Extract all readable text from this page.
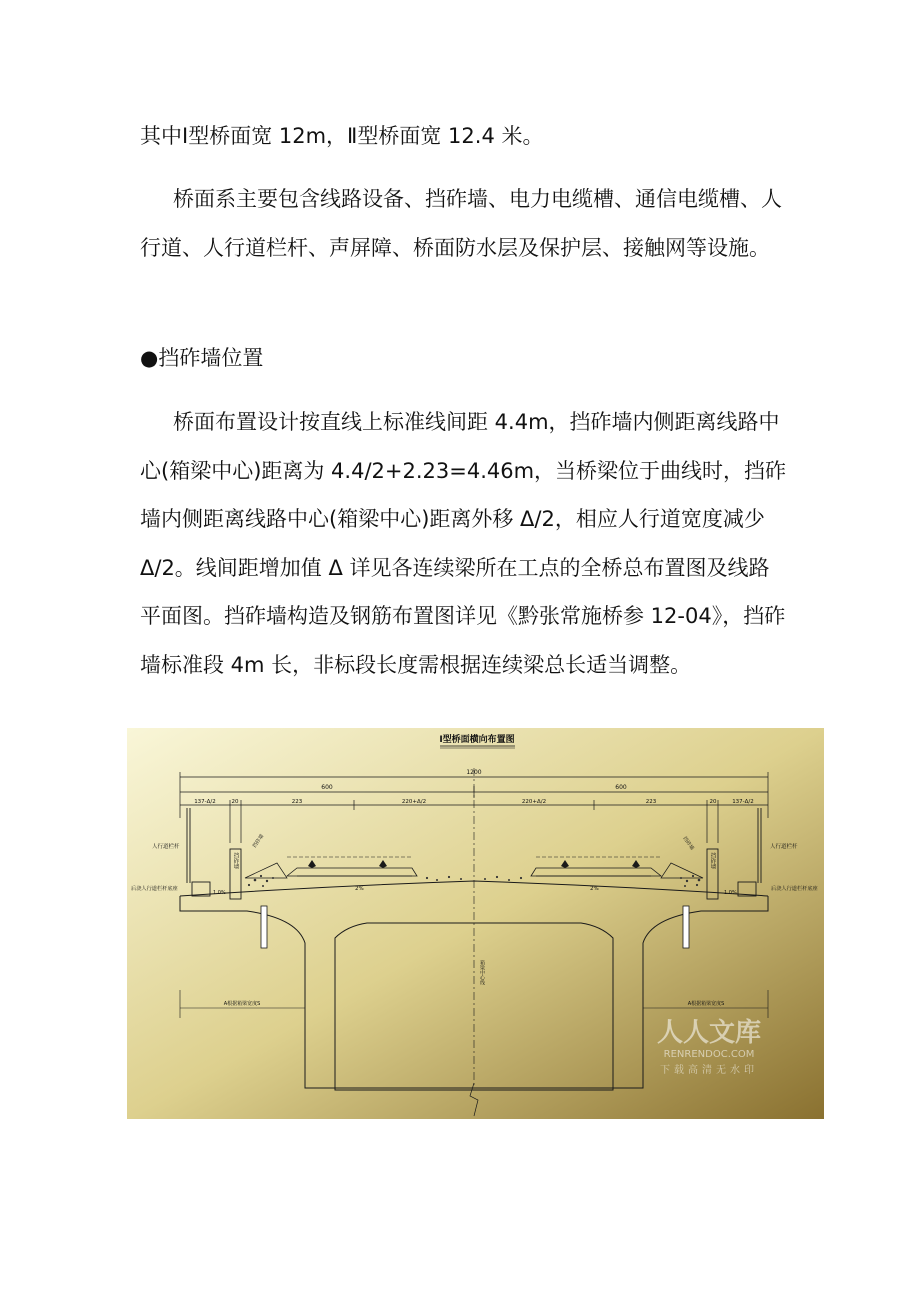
其中Ⅰ型桥面宽 12m，Ⅱ型桥面宽 12.4 米。

桥面系主要包含线路设备、挡砟墙、电力电缆槽、通信电缆槽、人行道、人行道栏杆、声屏障、桥面防水层及保护层、接触网等设施。

●挡砟墙位置

桥面布置设计按直线上标准线间距 4.4m，挡砟墙内侧距离线路中心(箱梁中心)距离为 4.4/2+2.23=4.46m，当桥梁位于曲线时，挡砟墙内侧距离线路中心(箱梁中心)距离外移 Δ/2，相应人行道宽度减少 Δ/2。线间距增加值 Δ 详见各连续梁所在工点的全桥总布置图及线路平面图。挡砟墙构造及钢筋布置图详见《黔张常施桥参 12-04》，挡砟墙标准段 4m 长，非标段长度需根据连续梁总长适当调整。

Ⅰ型桥面横向布置图
1200
600	600
137-Δ/2	20	223	220+Δ/2	220+Δ/2	223	20	137-Δ/2
挡砟墙	挡砟墙
2%	2%
1.0%	1.0%
挡砟墙	挡砟墙
人行道栏杆	人行道栏杆
后浇人行道栏杆底座	后浇人行道栏杆底座
箱梁中心线
A根据箱梁宽度S	A根据箱梁宽度S
人人文库
RENRENDOC.COM
下载高清无水印
